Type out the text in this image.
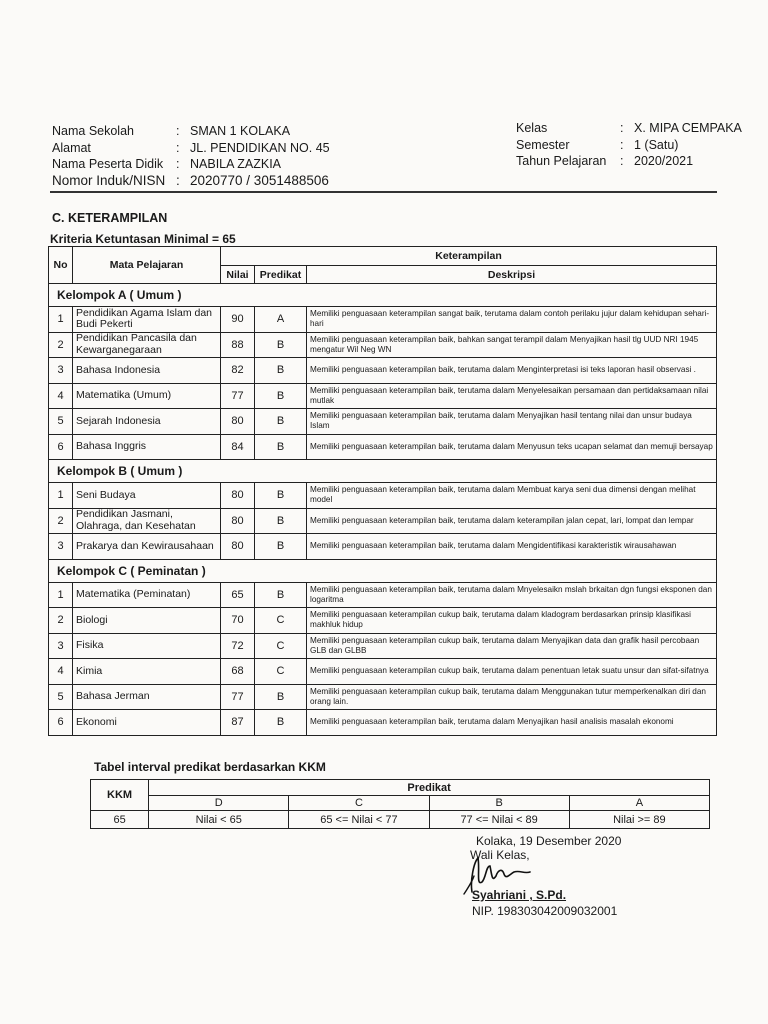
Nama Sekolah	: SMAN 1 KOLAKA
Alamat	: JL. PENDIDIKAN NO. 45
Nama Peserta Didik	: NABILA ZAZKIA
Nomor Induk/NISN : 2020770 / 3051488506
Kelas	: X. MIPA CEMPAKA
Semester	: 1 (Satu)
Tahun Pelajaran	: 2020/2021
C. KETERAMPILAN
Kriteria Ketuntasan Minimal = 65
No	Mata Pelajaran	Keterampilan		
		Nilai	Predikat	Deskripsi
Kelompok A ( Umum )				
1	Pendidikan Agama Islam dan Budi Pekerti	90	A	Memiliki penguasaan keterampilan sangat baik, terutama dalam contoh perilaku jujur dalam kehidupan sehari-hari
2	Pendidikan Pancasila dan Kewarganegaraan	88	B	Memiliki penguasaan keterampilan baik, bahkan sangat terampil dalam Menyajikan hasil tlg UUD NRI 1945 mengatur Wil Neg WN
3	Bahasa Indonesia	82	B	Memiliki penguasaan keterampilan baik, terutama dalam Menginterpretasi isi teks laporan hasil observasi .
4	Matematika (Umum)	77	B	Memiliki penguasaan keterampilan baik, terutama dalam Menyelesaikan persamaan dan pertidaksamaan nilai mutlak
5	Sejarah Indonesia	80	B	Memiliki penguasaan keterampilan baik, terutama dalam Menyajikan hasil tentang nilai dan unsur budaya Islam
6	Bahasa Inggris	84	B	Memiliki penguasaan keterampilan baik, terutama dalam Menyusun teks ucapan selamat dan memuji bersayap
Kelompok B ( Umum )				
1	Seni Budaya	80	B	Memiliki penguasaan keterampilan baik, terutama dalam Membuat karya seni dua dimensi dengan melihat model
2	Pendidikan Jasmani, Olahraga, dan Kesehatan	80	B	Memiliki penguasaan keterampilan baik, terutama dalam keterampilan jalan cepat, lari, lompat dan lempar
3	Prakarya dan Kewirausahaan	80	B	Memiliki penguasaan keterampilan baik, terutama dalam Mengidentifikasi karakteristik wirausahawan
Kelompok C ( Peminatan )				
1	Matematika (Peminatan)	65	B	Memiliki penguasaan keterampilan baik, terutama dalam Mnyelesaikn mslah brkaitan dgn fungsi eksponen dan logaritma
2	Biologi	70	C	Memiliki penguasaan keterampilan cukup baik, terutama dalam kladogram berdasarkan prinsip klasifikasi makhluk hidup
3	Fisika	72	C	Memiliki penguasaan keterampilan cukup baik, terutama dalam Menyajikan data dan grafik hasil percobaan GLB dan GLBB
4	Kimia	68	C	Memiliki penguasaan keterampilan cukup baik, terutama dalam penentuan letak suatu unsur dan sifat-sifatnya
5	Bahasa Jerman	77	B	Memiliki penguasaan keterampilan cukup baik, terutama dalam Menggunakan tutur memperkenalkan diri dan orang lain.
6	Ekonomi	87	B	Memiliki penguasaan keterampilan baik, terutama dalam Menyajikan hasil analisis masalah ekonomi
Tabel interval predikat berdasarkan KKM
KKM	Predikat			
	D	C	B	A
65	Nilai < 65	65 <= Nilai < 77	77 <= Nilai < 89	Nilai >= 89
Kolaka, 19 Desember 2020
Wali Kelas,
Syahriani , S.Pd.
NIP. 198303042009032001
